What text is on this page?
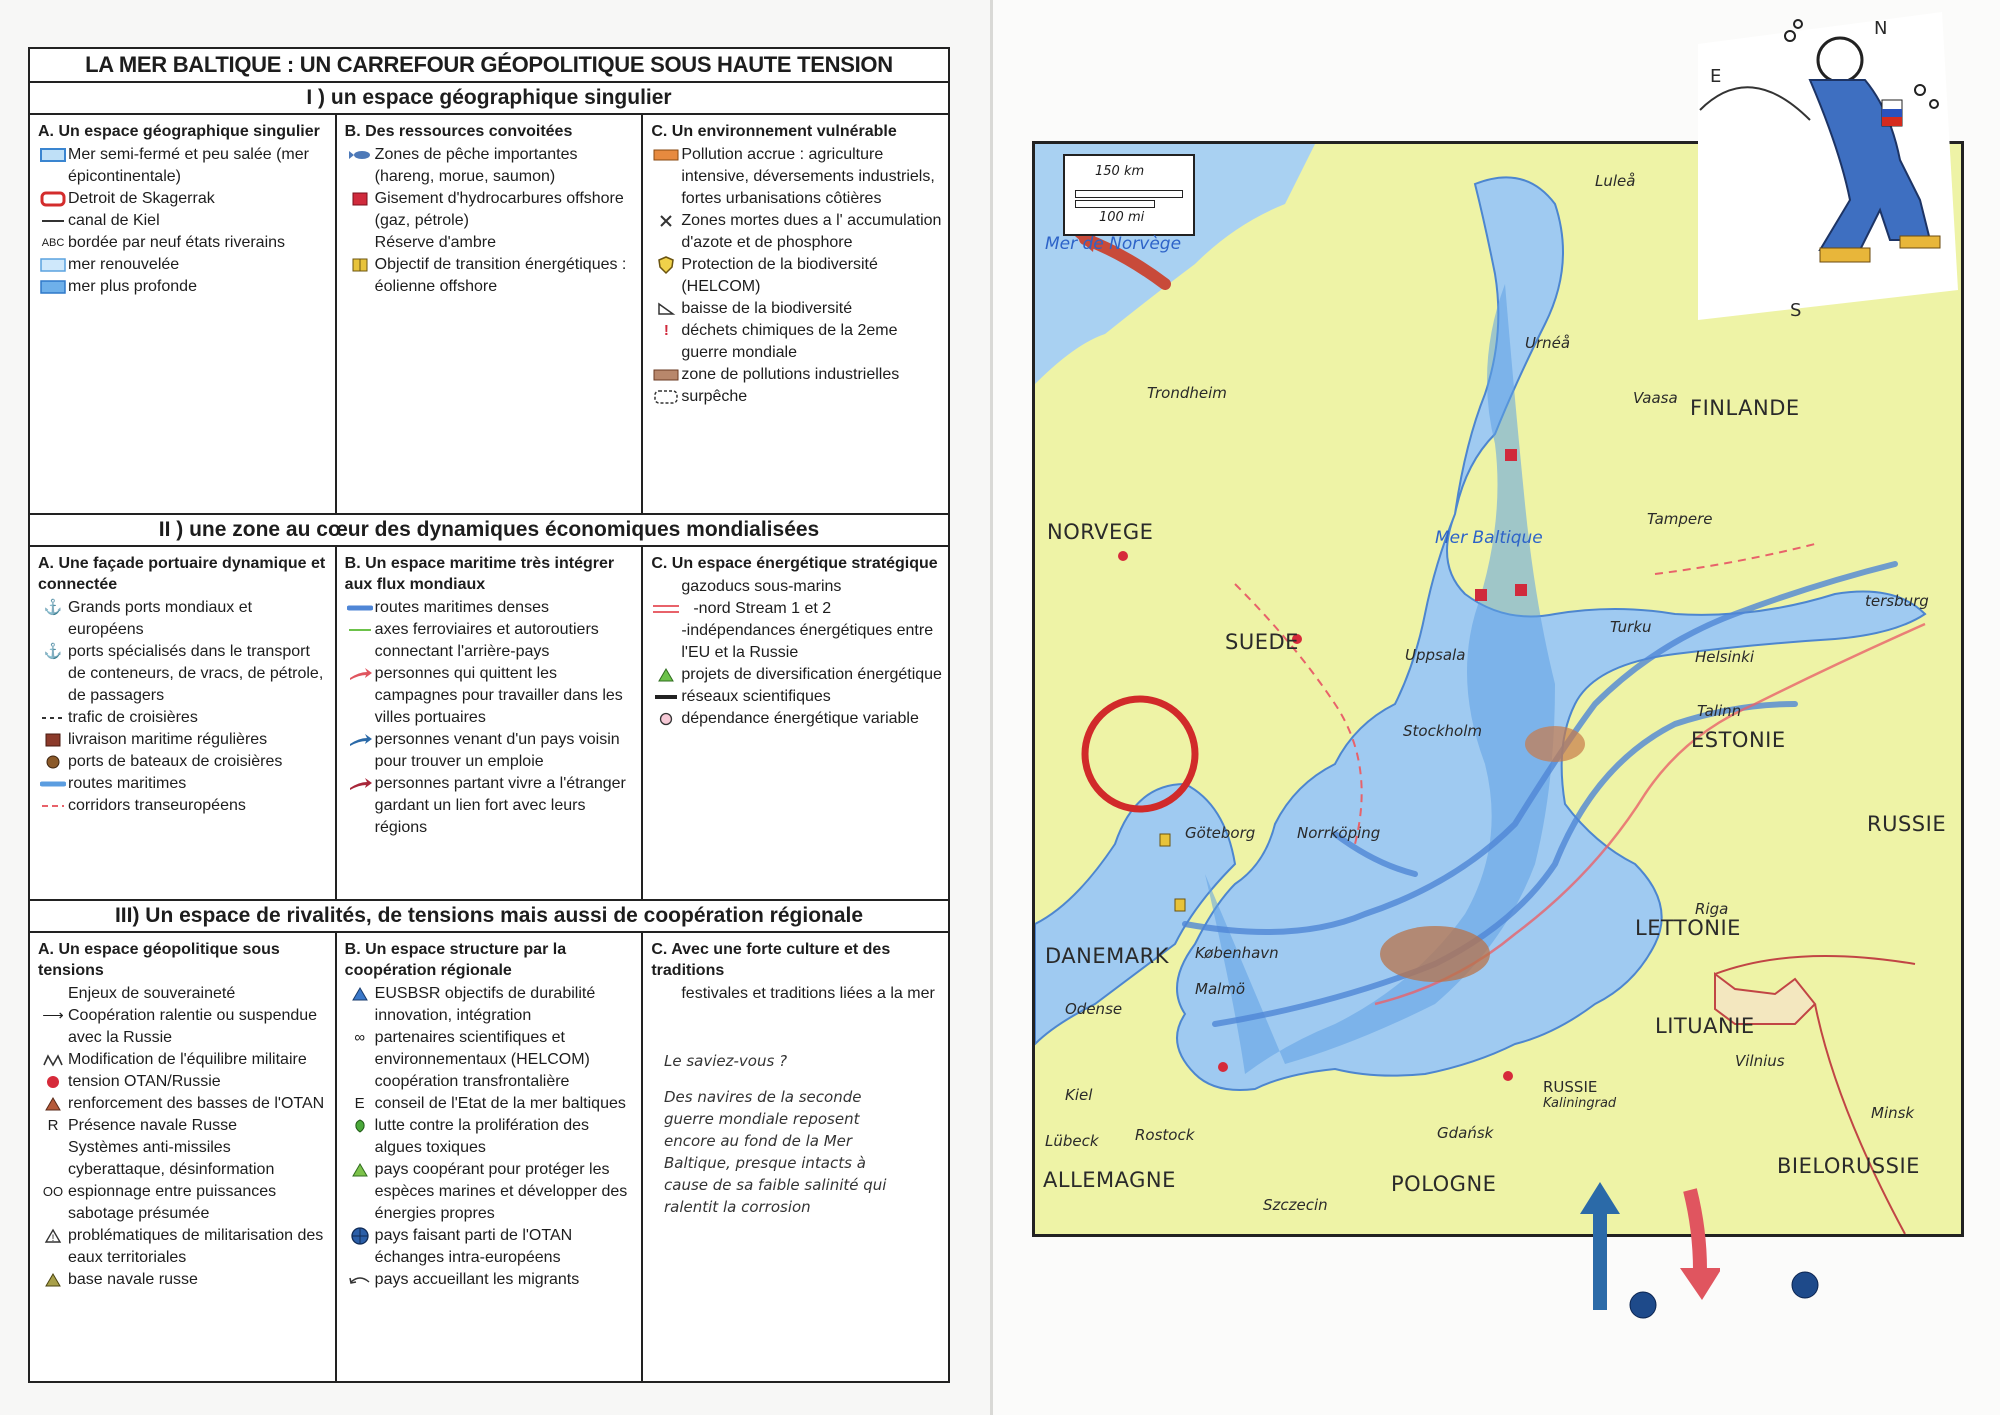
LA MER BALTIQUE : UN CARREFOUR GÉOPOLITIQUE SOUS HAUTE TENSION
I ) un espace géographique singulier
A. Un espace géographique singulier
Mer semi-fermé et peu salée (mer épicontinentale)
Detroit de Skagerrak
canal de Kiel
ABC bordée par neuf états riverains
mer renouvelée
mer plus profonde
B. Des ressources convoitées
Zones de pêche importantes (hareng, morue, saumon)
Gisement d'hydrocarbures offshore (gaz, pétrole)
Réserve d'ambre
Objectif de transition énergétiques : éolienne offshore
C. Un environnement vulnérable
Pollution accrue : agriculture intensive, déversements industriels, fortes urbanisations côtières
Zones mortes dues a l' accumulation d'azote et de phosphore
Protection de la biodiversité (HELCOM)
baisse de la biodiversité
! déchets chimiques de la 2eme guerre mondiale
zone de pollutions industrielles
surpêche
II ) une zone au cœur des dynamiques économiques mondialisées
A. Une façade portuaire dynamique et connectée
⚓ Grands ports mondiaux et européens
⚓ ports spécialisés dans le transport de conteneurs, de vracs, de pétrole, de passagers
trafic de croisières
livraison maritime régulières
ports de bateaux de croisières
routes maritimes
corridors transeuropéens
B. Un espace maritime très intégrer aux flux mondiaux
routes maritimes denses
axes ferroviaires et autoroutiers
connectant l'arrière-pays
personnes qui quittent les campagnes pour travailler dans les villes portuaires
personnes venant d'un pays voisin pour trouver un emploie
personnes partant vivre a l'étranger gardant un lien fort avec leurs régions
C. Un espace énergétique stratégique
gazoducs sous-marins
-nord Stream 1 et 2
-indépendances énergétiques entre l'EU et la Russie
projets de diversification énergétique
réseaux scientifiques
dépendance énergétique variable
III) Un espace de rivalités, de tensions mais aussi de coopération régionale
A. Un espace géopolitique sous tensions
Enjeux de souveraineté
⟶ Coopération ralentie ou suspendue avec la Russie
Modification de l'équilibre militaire
tension OTAN/Russie
renforcement des basses de l'OTAN
R Présence navale Russe
Systèmes anti-missiles
cyberattaque, désinformation
OO espionnage entre puissances
sabotage présumée
! problématiques de militarisation des eaux territoriales
base navale russe
B. Un espace structure par la coopération régionale
EUSBSR objectifs de durabilité innovation, intégration
∞ partenaires scientifiques et environnementaux (HELCOM)
coopération transfrontalière
E conseil de l'Etat de la mer baltiques
lutte contre la prolifération des algues toxiques
pays coopérant pour protéger les espèces marines et développer des énergies propres
pays faisant parti de l'OTAN
échanges intra-européens
pays accueillant les migrants
C. Avec une forte culture et des traditions
festivales et traditions liées a la mer
Le saviez-vous ?
Des navires de la seconde guerre mondiale reposent encore au fond de la Mer Baltique, presque intacts à cause de sa faible salinité qui ralentit la corrosion
150 km
100 mi
Mer de Norvège
Mer Baltique
FINLANDE
NORVEGE
SUEDE
ESTONIE
RUSSIE
LETTONIE
DANEMARK
LITUANIE
RUSSIE
Kaliningrad
ALLEMAGNE	POLOGNE
BIELORUSSIE
Luleå
Urnéå
Vaasa
Trondheim
Tampere
Turku
tersburg
Helsinki
Talinn
Uppsala
Stockholm
Göteborg	Norrköping
Riga
København
Malmö
Odense
Kiel
Lübeck Rostock	Gdańsk
Szczecin
Vilnius
Minsk
N
E
S
